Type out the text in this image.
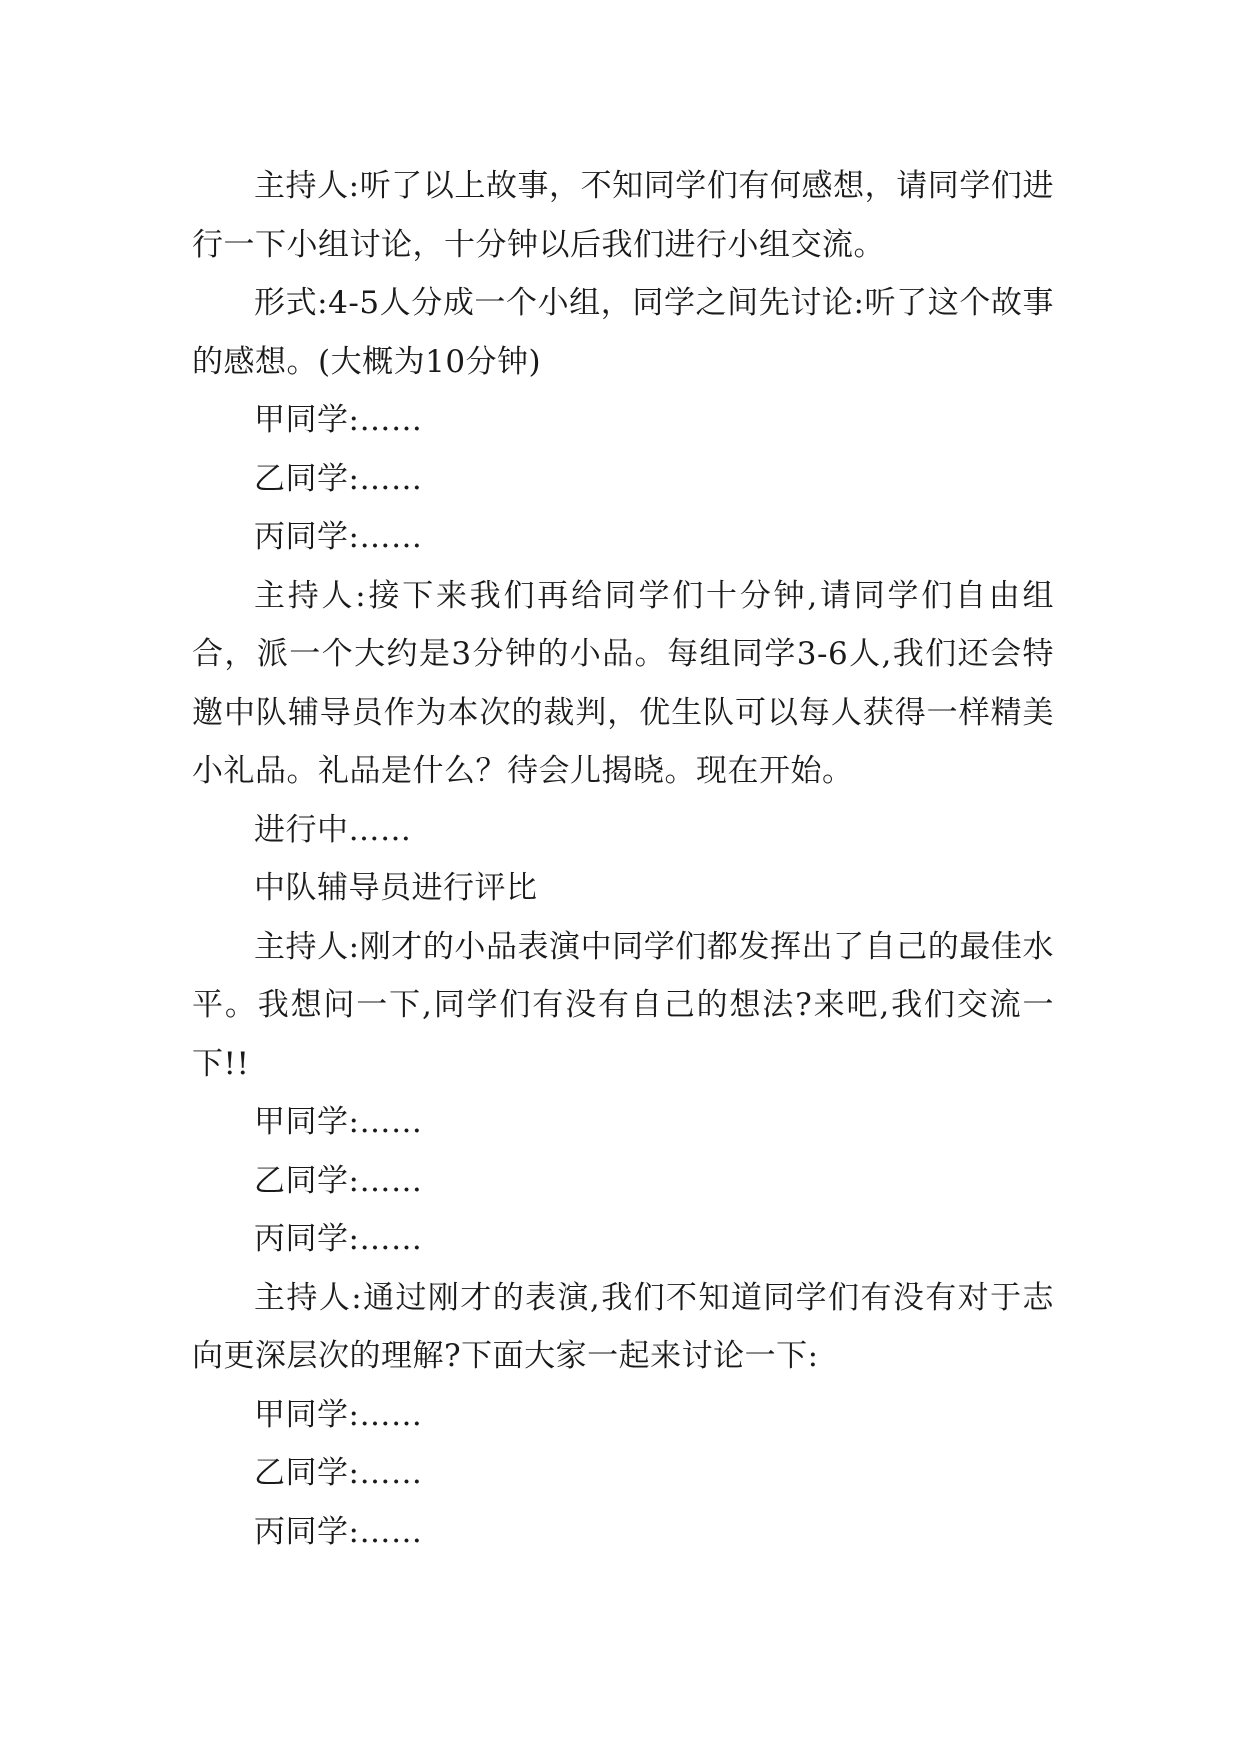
主持人:听了以上故事，不知同学们有何感想，请同学们进行一下小组讨论，十分钟以后我们进行小组交流。

形式:4-5人分成一个小组，同学之间先讨论:听了这个故事的感想。(大概为10分钟)

甲同学:……

乙同学:……

丙同学:……

主持人:接下来我们再给同学们十分钟,请同学们自由组合，派一个大约是3分钟的小品。每组同学3-6人,我们还会特邀中队辅导员作为本次的裁判，优生队可以每人获得一样精美小礼品。礼品是什么？待会儿揭晓。现在开始。

进行中……

中队辅导员进行评比

主持人:刚才的小品表演中同学们都发挥出了自己的最佳水平。我想问一下,同学们有没有自己的想法?来吧,我们交流一下!!

甲同学:……

乙同学:……

丙同学:……

主持人:通过刚才的表演,我们不知道同学们有没有对于志向更深层次的理解?下面大家一起来讨论一下:

甲同学:……

乙同学:……

丙同学:……
